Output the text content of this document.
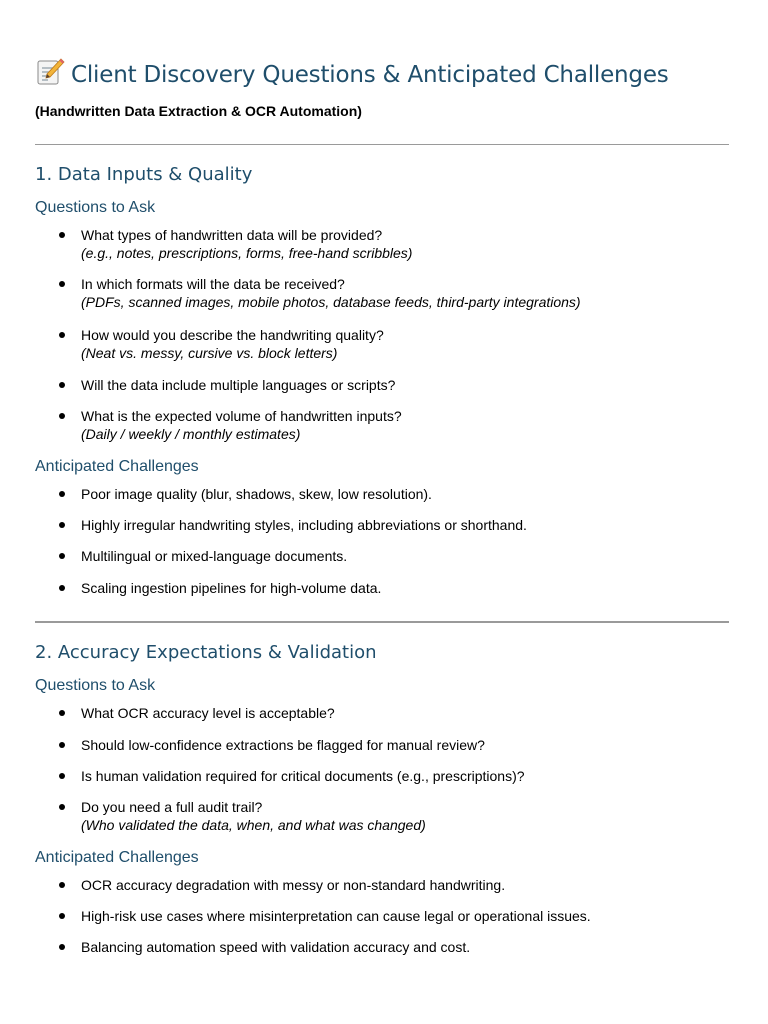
Client Discovery Questions & Anticipated Challenges
(Handwritten Data Extraction & OCR Automation)
1. Data Inputs & Quality
Questions to Ask
What types of handwritten data will be provided?
(e.g., notes, prescriptions, forms, free-hand scribbles)
In which formats will the data be received?
(PDFs, scanned images, mobile photos, database feeds, third-party integrations)
How would you describe the handwriting quality?
(Neat vs. messy, cursive vs. block letters)
Will the data include multiple languages or scripts?
What is the expected volume of handwritten inputs?
(Daily / weekly / monthly estimates)
Anticipated Challenges
Poor image quality (blur, shadows, skew, low resolution).
Highly irregular handwriting styles, including abbreviations or shorthand.
Multilingual or mixed-language documents.
Scaling ingestion pipelines for high-volume data.
2. Accuracy Expectations & Validation
Questions to Ask
What OCR accuracy level is acceptable?
Should low-confidence extractions be flagged for manual review?
Is human validation required for critical documents (e.g., prescriptions)?
Do you need a full audit trail?
(Who validated the data, when, and what was changed)
Anticipated Challenges
OCR accuracy degradation with messy or non-standard handwriting.
High-risk use cases where misinterpretation can cause legal or operational issues.
Balancing automation speed with validation accuracy and cost.
